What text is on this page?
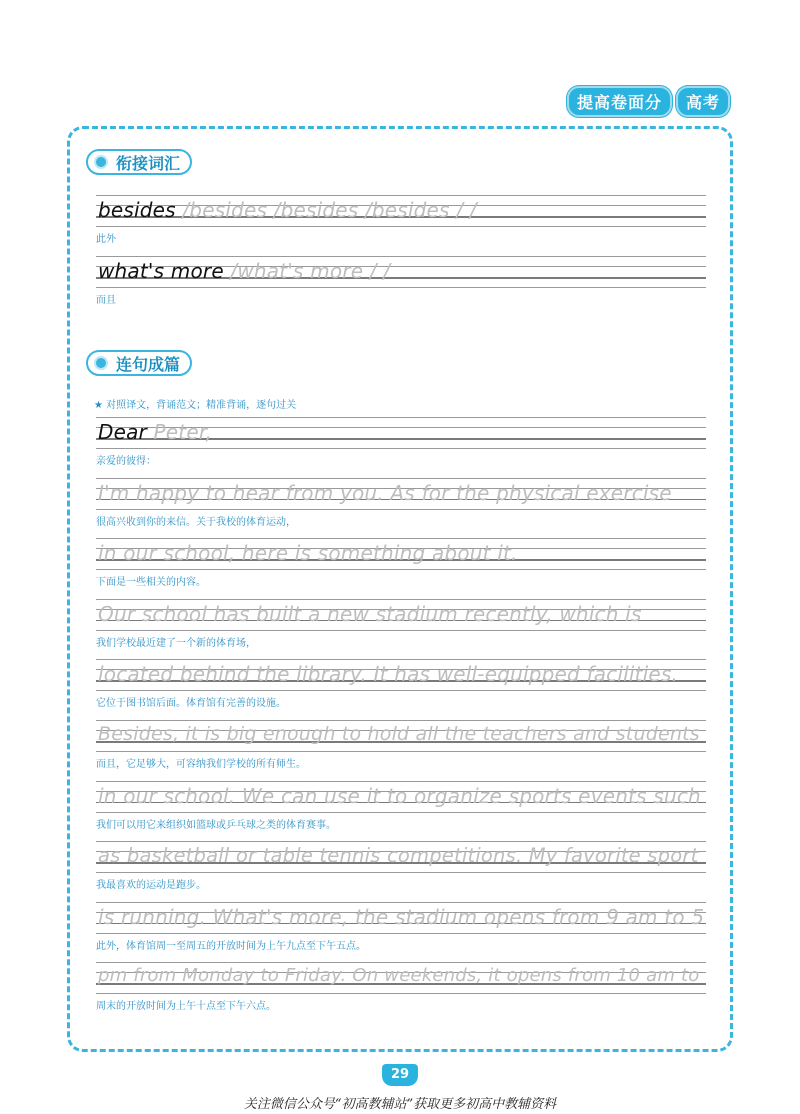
提高卷面分	高考
衔接词汇
besides /besides /besides /besides / /
此外
what's more /what's more / /
而且
连句成篇
★ 对照译文，背诵范文；精准背诵，逐句过关
Dear Peter,
亲爱的彼得：
I'm happy to hear from you. As for the physical exercise
很高兴收到你的来信。关于我校的体育运动，
in our school, here is something about it.
下面是一些相关的内容。
Our school has built a new stadium recently, which is
我们学校最近建了一个新的体育场，
located behind the library. It has well-equipped facilities.
它位于图书馆后面。体育馆有完善的设施。
Besides, it is big enough to hold all the teachers and students
而且，它足够大，可容纳我们学校的所有师生。
in our school. We can use it to organize sports events such
我们可以用它来组织如篮球或乒乓球之类的体育赛事。
as basketball or table tennis competitions. My favorite sport
我最喜欢的运动是跑步。
is running. What's more, the stadium opens from 9 am to 5
此外，体育馆周一至周五的开放时间为上午九点至下午五点。
pm from Monday to Friday. On weekends, it opens from 10 am to
周末的开放时间为上午十点至下午六点。
29
关注微信公众号“初高教辅站”获取更多初高中教辅资料
